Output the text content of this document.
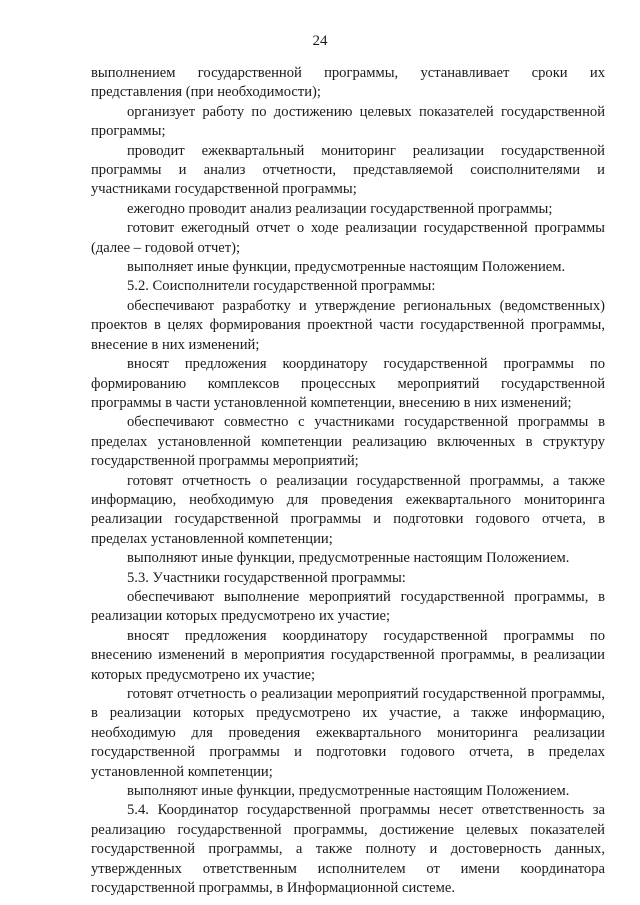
24

выполнением государственной программы, устанавливает сроки их представления (при необходимости);

организует работу по достижению целевых показателей государственной программы;

проводит ежеквартальный мониторинг реализации государственной программы и анализ отчетности, представляемой соисполнителями и участниками государственной программы;

ежегодно проводит анализ реализации государственной программы;

готовит ежегодный отчет о ходе реализации государственной программы (далее – годовой отчет);

выполняет иные функции, предусмотренные настоящим Положением.

5.2. Соисполнители государственной программы:

обеспечивают разработку и утверждение региональных (ведомственных) проектов в целях формирования проектной части государственной программы, внесение в них изменений;

вносят предложения координатору государственной программы по формированию комплексов процессных мероприятий государственной программы в части установленной компетенции, внесению в них изменений;

обеспечивают совместно с участниками государственной программы в пределах установленной компетенции реализацию включенных в структуру государственной программы мероприятий;

готовят отчетность о реализации государственной программы, а также информацию, необходимую для проведения ежеквартального мониторинга реализации государственной программы и подготовки годового отчета, в пределах установленной компетенции;

выполняют иные функции, предусмотренные настоящим Положением.

5.3. Участники государственной программы:

обеспечивают выполнение мероприятий государственной программы, в реализации которых предусмотрено их участие;

вносят предложения координатору государственной программы по внесению изменений в мероприятия государственной программы, в реализации которых предусмотрено их участие;

готовят отчетность о реализации мероприятий государственной программы, в реализации которых предусмотрено их участие, а также информацию, необходимую для проведения ежеквартального мониторинга реализации государственной программы и подготовки годового отчета, в пределах установленной компетенции;

выполняют иные функции, предусмотренные настоящим Положением.

5.4. Координатор государственной программы несет ответственность за реализацию государственной программы, достижение целевых показателей государственной программы, а также полноту и достоверность данных, утвержденных ответственным исполнителем от имени координатора государственной программы, в Информационной системе.
